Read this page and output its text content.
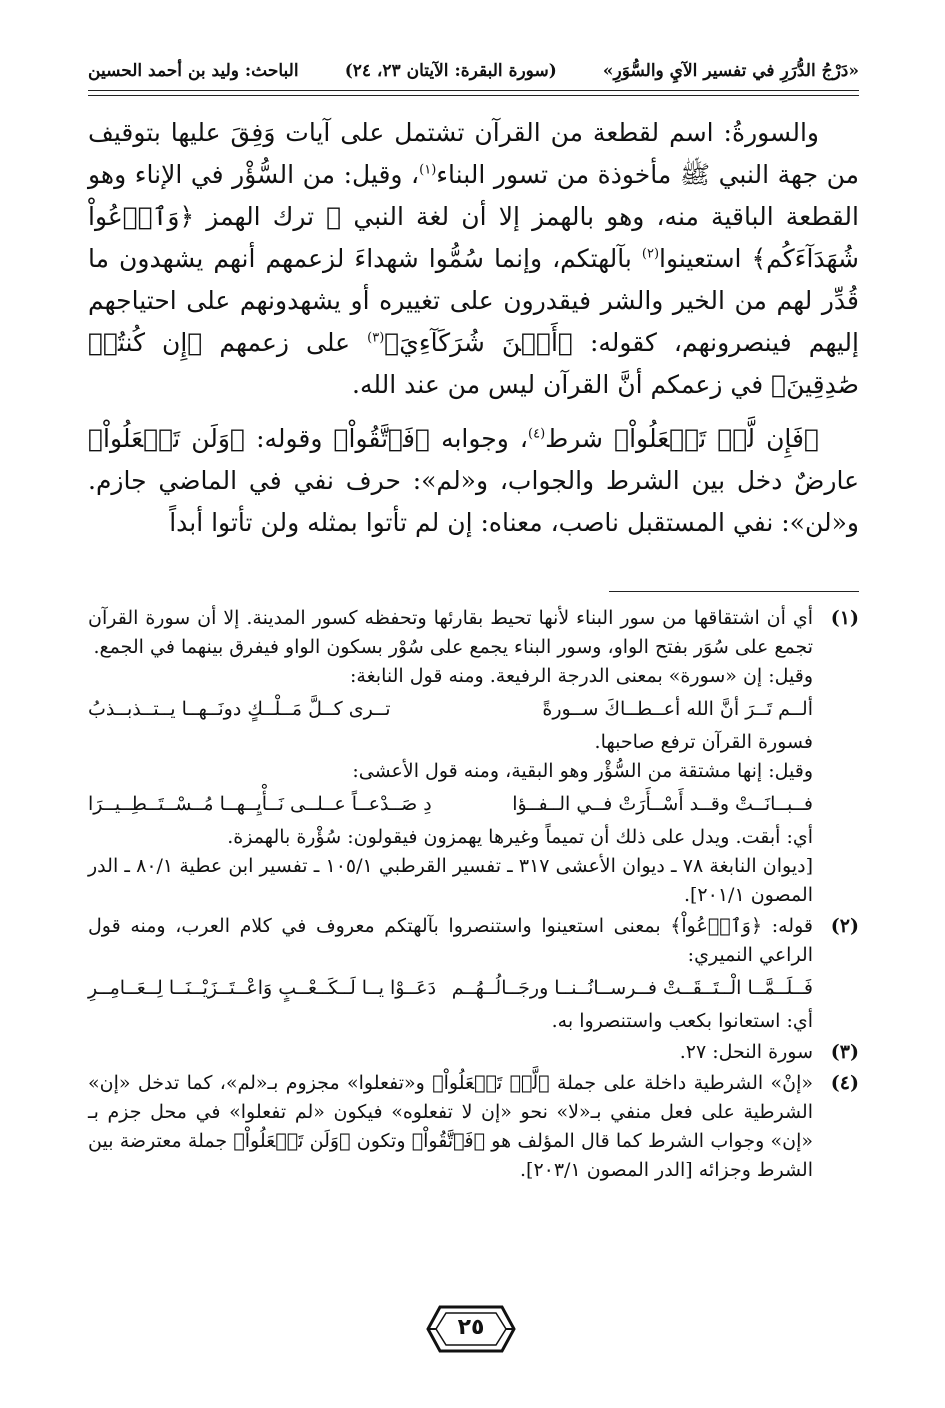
«دَرْجُ الدُّرَرِ في تفسير الآيِ والسُّوَرِ»
(سورة البقرة: الآيتان ٢٣، ٢٤)
الباحث: وليد بن أحمد الحسين

والسورةُ: اسم لقطعة من القرآن تشتمل على آيات وَفِقَ عليها بتوقيف من جهة النبي ﷺ مأخوذة من تسور البناء$^{(١)}$، وقيل: من السُّؤْر في الإناء وهو القطعة الباقية منه، وهو بالهمز إلا أن لغة النبي ﷺ ترك الهمز ﴿وَٱدۡعُواْ شُهَدَآءَكُم﴾ استعينوا$^{(٢)}$ بآلهتكم، وإنما سُمُّوا شهداءَ لزعمهم أنهم يشهدون ما قُدِّر لهم من الخير والشر فيقدرون على تغييره أو يشهدونهم على احتياجهم إليهم فينصرونهم، كقوله: ﴿أَيۡنَ شُرَكَآءِيَ﴾$^{(٣)}$ على زعمهم ﴿إِن كُنتُمۡ صَٰدِقِينَ﴾ في زعمكم أنَّ القرآن ليس من عند الله.

﴿فَإِن لَّمۡ تَفۡعَلُواْ﴾ شرط$^{(٤)}$، وجوابه ﴿فَٱتَّقُواْ﴾ وقوله: ﴿وَلَن تَفۡعَلُواْ﴾ عارضٌ دخل بين الشرط والجواب، و«لم»: حرف نفي في الماضي جازم. و«لن»: نفي المستقبل ناصب، معناه: إن لم تأتوا بمثله ولن تأتوا أبداً

(١)

أي أن اشتقاقها من سور البناء لأنها تحيط بقارئها وتحفظه كسور المدينة. إلا أن سورة القرآن تجمع على سُوَر بفتح الواو، وسور البناء يجمع على سُوْر بسكون الواو فيفرق بينهما في الجمع.

وقيل: إن «سورة» بمعنى الدرجة الرفيعة. ومنه قول النابغة:

ألــم تَــرَ أنَّ الله أعــطــاكَ ســورةً
تــرى كــلَّ مَــلْــكٍ دونَــهــا يــتــذبــذبُ

فسورة القرآن ترفع صاحبها.

وقيل: إنها مشتقة من السُّؤْر وهو البقية، ومنه قول الأعشى:

فــبــانَــتْ وقــد أَسْــأَرَتْ فــي الــفــؤا
دِ صَــدْعــاً عــلــى نَــأْيِــهــا مُــسْــتَــطِــيــرَا

أي: أبقت. ويدل على ذلك أن تميماً وغيرها يهمزون فيقولون: سُؤْرة بالهمزة.

[ديوان النابغة ٧٨ ـ ديوان الأعشى ٣١٧ ـ تفسير القرطبي ١٠٥/١ ـ تفسير ابن عطية ٨٠/١ ـ الدر المصون ٢٠١/١].

(٢)

قوله: ﴿وَٱدۡعُواْ﴾ بمعنى استعينوا واستنصروا بآلهتكم معروف في كلام العرب، ومنه قول الراعي النميري:

فَــلَــمَّــا الْــتَــقَــتْ فــرســانُــنــا ورجَــالُــهُــم
دَعَــوْا يــا لَــكَــعْــبٍ وَاعْــتَــزَيْــنَــا لِــعَــامِــرِ

أي: استعانوا بكعب واستنصروا به.

(٣)

سورة النحل: ٢٧.

(٤)

«إنْ» الشرطية داخلة على جملة ﴿لَّمۡ تَفۡعَلُواْ﴾ و«تفعلوا» مجزوم بـ«لم»، كما تدخل «إن» الشرطية على فعل منفي بـ«لا» نحو «إن لا تفعلوه» فيكون «لم تفعلوا» في محل جزم بـ «إن» وجواب الشرط كما قال المؤلف هو ﴿فَٱتَّقُواْ﴾ وتكون ﴿وَلَن تَفۡعَلُواْ﴾ جملة معترضة بين الشرط وجزائه [الدر المصون ٢٠٣/١].

٢٥
